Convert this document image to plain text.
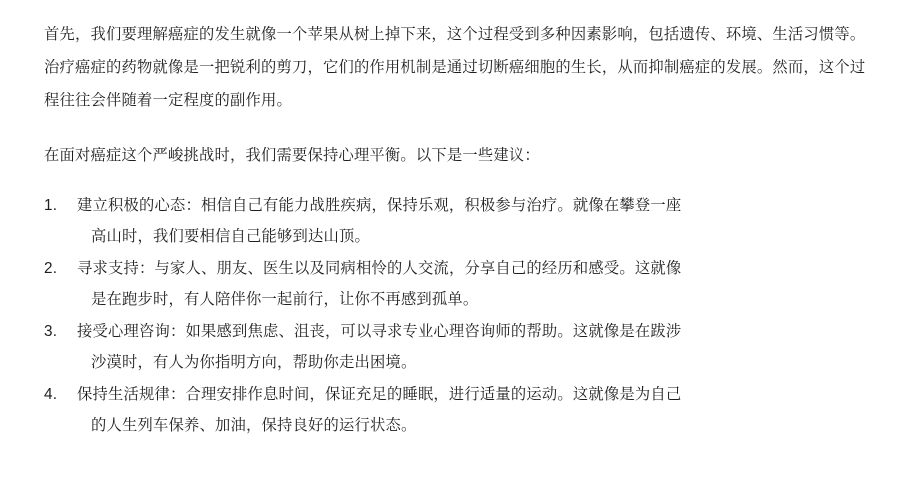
首先，我们要理解癌症的发生就像一个苹果从树上掉下来，这个过程受到多种因素影响，包括遗传、环境、生活习惯等。治疗癌症的药物就像是一把锐利的剪刀，它们的作用机制是通过切断癌细胞的生长，从而抑制癌症的发展。然而，这个过程往往会伴随着一定程度的副作用。

在面对癌症这个严峻挑战时，我们需要保持心理平衡。以下是一些建议：

1.	建立积极的心态：相信自己有能力战胜疾病，保持乐观，积极参与治疗。就像在攀登一座
高山时，我们要相信自己能够到达山顶。
2.	寻求支持：与家人、朋友、医生以及同病相怜的人交流，分享自己的经历和感受。这就像
是在跑步时，有人陪伴你一起前行，让你不再感到孤单。
3.	接受心理咨询：如果感到焦虑、沮丧，可以寻求专业心理咨询师的帮助。这就像是在跋涉
沙漠时，有人为你指明方向，帮助你走出困境。
4.	保持生活规律：合理安排作息时间，保证充足的睡眠，进行适量的运动。这就像是为自己
的人生列车保养、加油，保持良好的运行状态。
